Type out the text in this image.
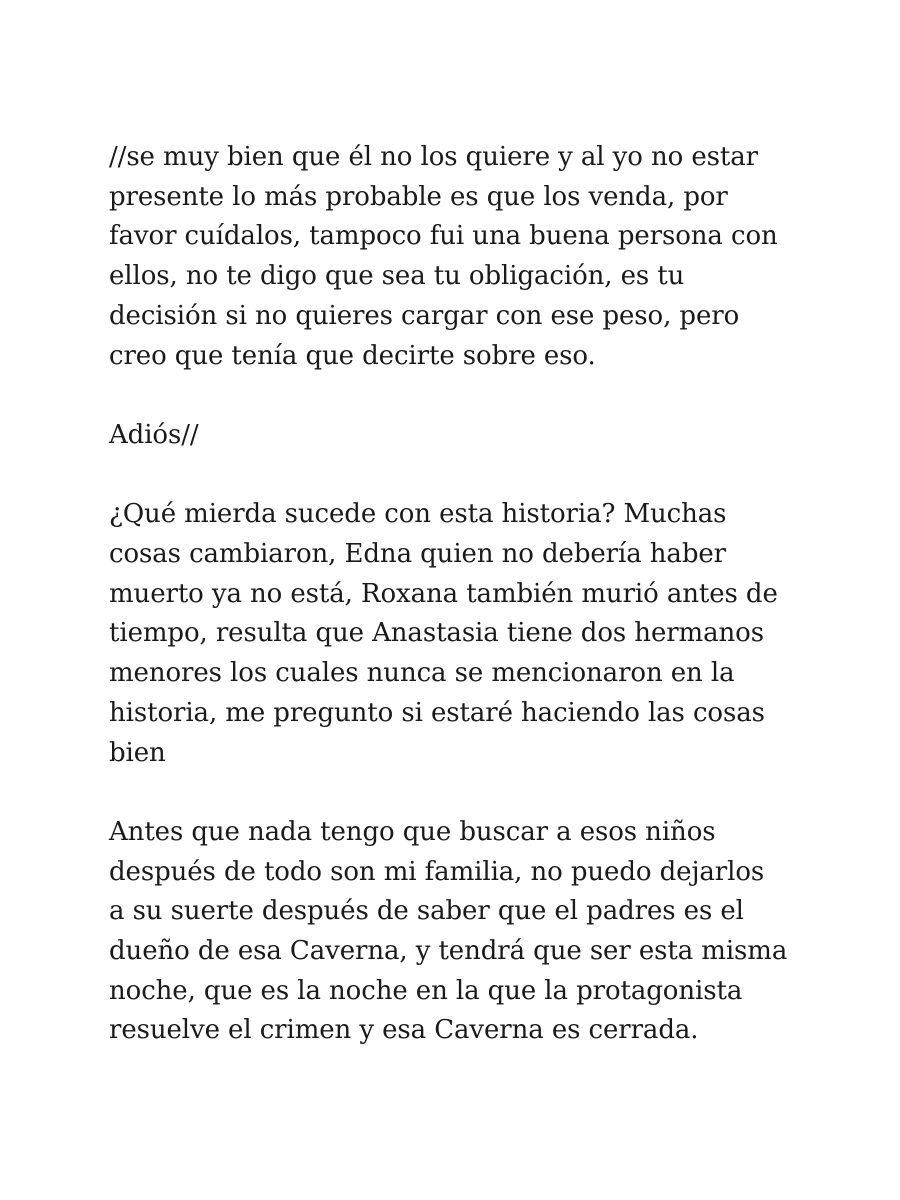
//se muy bien que él no los quiere y al yo no estar
presente lo más probable es que los venda, por
favor cuídalos, tampoco fui una buena persona con
ellos, no te digo que sea tu obligación, es tu
decisión si no quieres cargar con ese peso, pero
creo que tenía que decirte sobre eso.
Adiós//
¿Qué mierda sucede con esta historia? Muchas
cosas cambiaron, Edna quien no debería haber
muerto ya no está, Roxana también murió antes de
tiempo, resulta que Anastasia tiene dos hermanos
menores los cuales nunca se mencionaron en la
historia, me pregunto si estaré haciendo las cosas
bien
Antes que nada tengo que buscar a esos niños
después de todo son mi familia, no puedo dejarlos
a su suerte después de saber que el padres es el
dueño de esa Caverna, y tendrá que ser esta misma
noche, que es la noche en la que la protagonista
resuelve el crimen y esa Caverna es cerrada.
